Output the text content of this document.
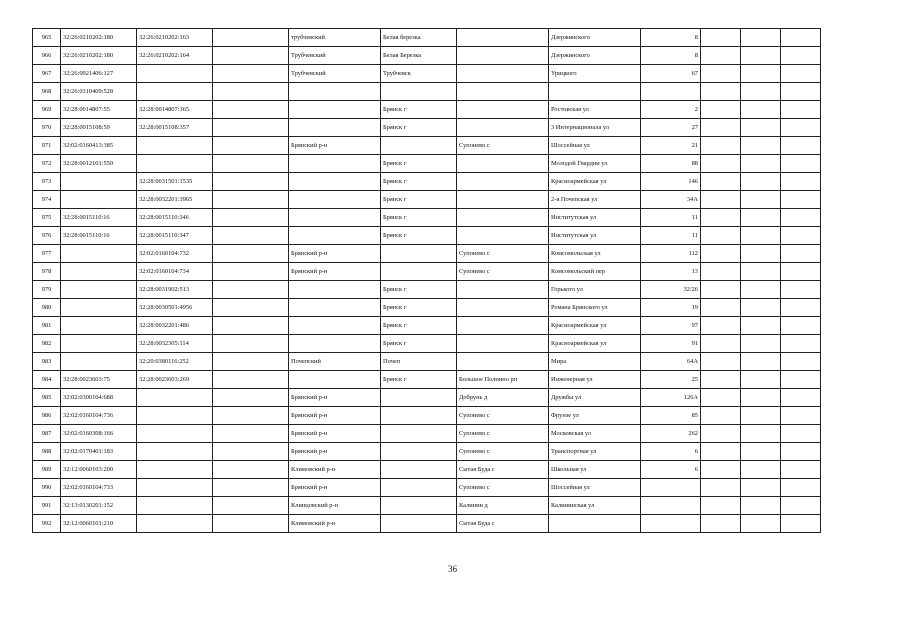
965	32:26:0210202:180	32:26:0210202:163		трубчевский	Белая березка		Дзержинского	8			
966	32:26:0210202:180	32:26:0210202:164		Трубчевский	Белая Березка		Дзержинского	8			
967	32:26:0921406:127			Трубчевский	Трубчевск		Урицкого	67			
968	32:26:0310409:528										
969	32:28:0014807:55	32:28:0014807:365			Брянск г		Ростовская ул	2			
970	32:28:0015108:59	32:28:0015108:357			Брянск г		3 Интернационала ул	27			
971	32:02:0160413:385			Брянский р-н		Супонево с	Шоссейная ул	21			
972	32:28:0012101:550				Брянск г		Молодой Гвардии ул	88			
973		32:28:0031501:1535			Брянск г		Красноармейская ул	146			
974		32:28:0032201:3965			Брянск г		2-я Почепская ул	34А			
975	32:28:0015110:16	32:28:0015110:346			Брянск г		Институтская ул	11			
976	32:28:0015110:16	32:28:0015110:347			Брянск г		Институтская ул	11			
977		32:02:0160104:732		Брянский р-н		Супонево с	Комсомольская ул	112			
978		32:02:0160104:734		Брянский р-н		Супонево с	Комсомольский пер	13			
979		32:28:0031902:513			Брянск г		Горького ул	32/26			
980		32:28:0030501:4956			Брянск г		Романа Брянского ул	19			
981		32:28:0032201:486			Брянск г		Красноармейская ул	97			
982		32:28:0032305:114			Брянск г		Красноармейская ул	91			
983		32:20:0380116:252		Почепский	Почеп		Мира	64А			
984	32:28:0023603:75	32:28:0023603:269			Брянск г	Большое Полпино рп	Инженерная ул	25			
985	32:02:0300104:688			Брянский р-н		Добрунь д	Дружбы ул	126А			
986	32:02:0160104:736			Брянский р-н		Супонево с	Фрунзе ул	85			
987	32:02:0160308:166			Брянский р-н		Супонево с	Московская ул	262			
988	32:02:0170401:183			Брянский р-н		Супонево с	Транспортная ул	6			
989	32:12:0060103:200			Климовский р-н		Сытая Буда с	Школьная ул	6			
990	32:02:0160104:733			Брянский р-н		Супонево с	Шоссейная ул				
991	32:13:0130201:152			Клинцовский р-н		Калинин д	Калининская ул				
992	32:12:0060101:210			Климовский р-н		Сытая Буда с					
36
